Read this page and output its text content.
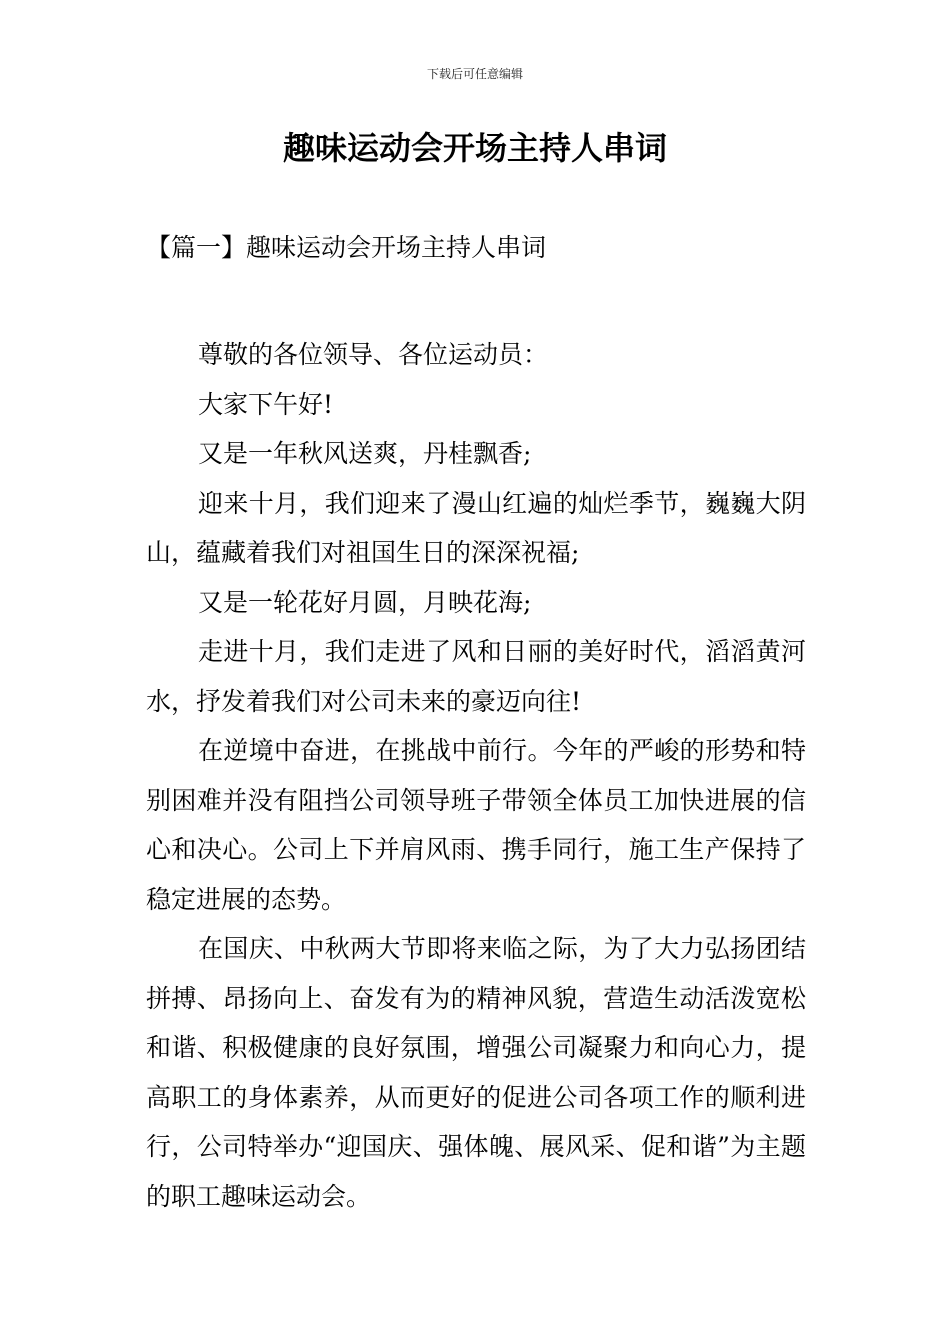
下载后可任意编辑
趣味运动会开场主持人串词
【篇一】趣味运动会开场主持人串词

尊敬的各位领导、各位运动员：

大家下午好!

又是一年秋风送爽，丹桂飘香;

迎来十月，我们迎来了漫山红遍的灿烂季节，巍巍大阴山，蕴藏着我们对祖国生日的深深祝福;

又是一轮花好月圆，月映花海;

走进十月，我们走进了风和日丽的美好时代，滔滔黄河水，抒发着我们对公司未来的豪迈向往!

在逆境中奋进，在挑战中前行。今年的严峻的形势和特别困难并没有阻挡公司领导班子带领全体员工加快进展的信心和决心。公司上下并肩风雨、携手同行，施工生产保持了稳定进展的态势。

在国庆、中秋两大节即将来临之际，为了大力弘扬团结拼搏、昂扬向上、奋发有为的精神风貌，营造生动活泼宽松和谐、积极健康的良好氛围，增强公司凝聚力和向心力，提高职工的身体素养，从而更好的促进公司各项工作的顺利进行，公司特举办“迎国庆、强体魄、展风采、促和谐”为主题的职工趣味运动会。
